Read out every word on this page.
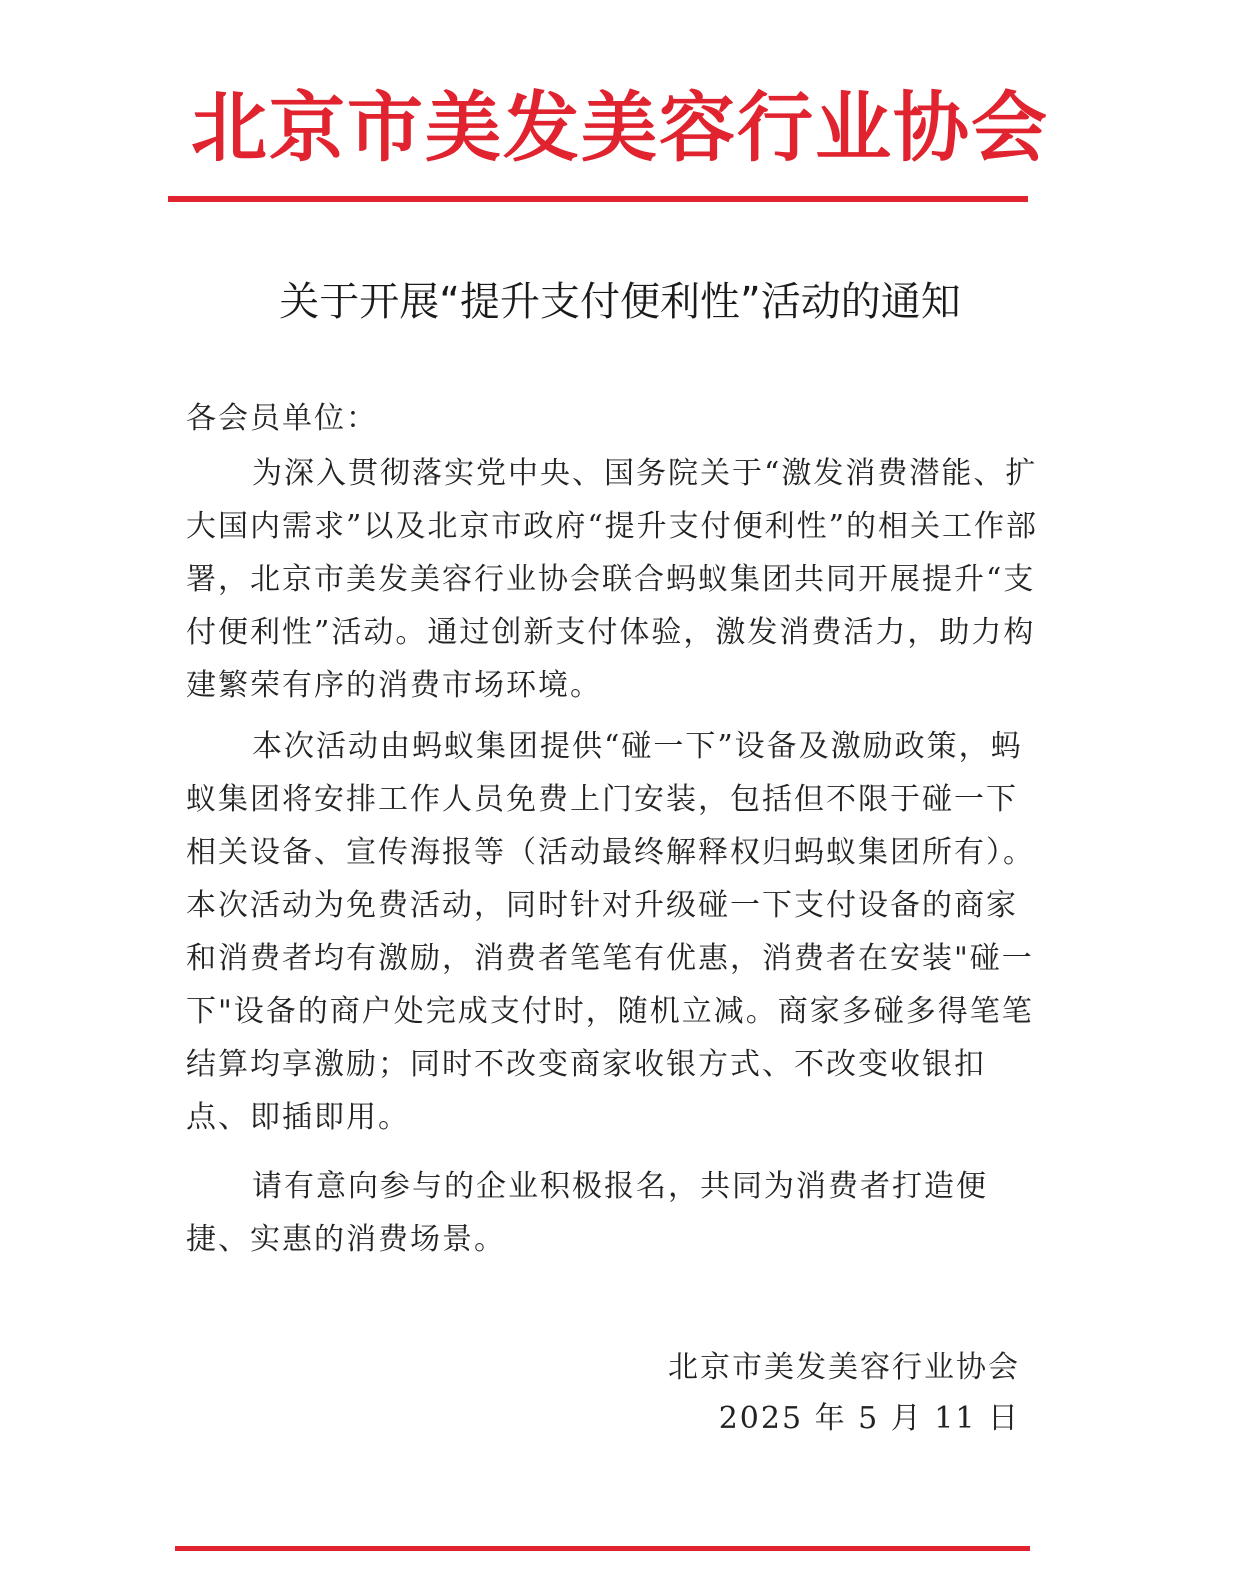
北京市美发美容行业协会
关于开展“提升支付便利性”活动的通知
各会员单位：
为深入贯彻落实党中央、国务院关于“激发消费潜能、扩大国内需求”以及北京市政府“提升支付便利性”的相关工作部署，北京市美发美容行业协会联合蚂蚁集团共同开展提升“支付便利性”活动。通过创新支付体验，激发消费活力，助力构建繁荣有序的消费市场环境。
本次活动由蚂蚁集团提供“碰一下”设备及激励政策，蚂蚁集团将安排工作人员免费上门安装，包括但不限于碰一下相关设备、宣传海报等（活动最终解释权归蚂蚁集团所有）。本次活动为免费活动，同时针对升级碰一下支付设备的商家和消费者均有激励，消费者笔笔有优惠，消费者在安装"碰一下"设备的商户处完成支付时，随机立减。商家多碰多得笔笔结算均享激励；同时不改变商家收银方式、不改变收银扣点、即插即用。
请有意向参与的企业积极报名，共同为消费者打造便捷、实惠的消费场景。
北京市美发美容行业协会
2025 年 5 月 11 日
